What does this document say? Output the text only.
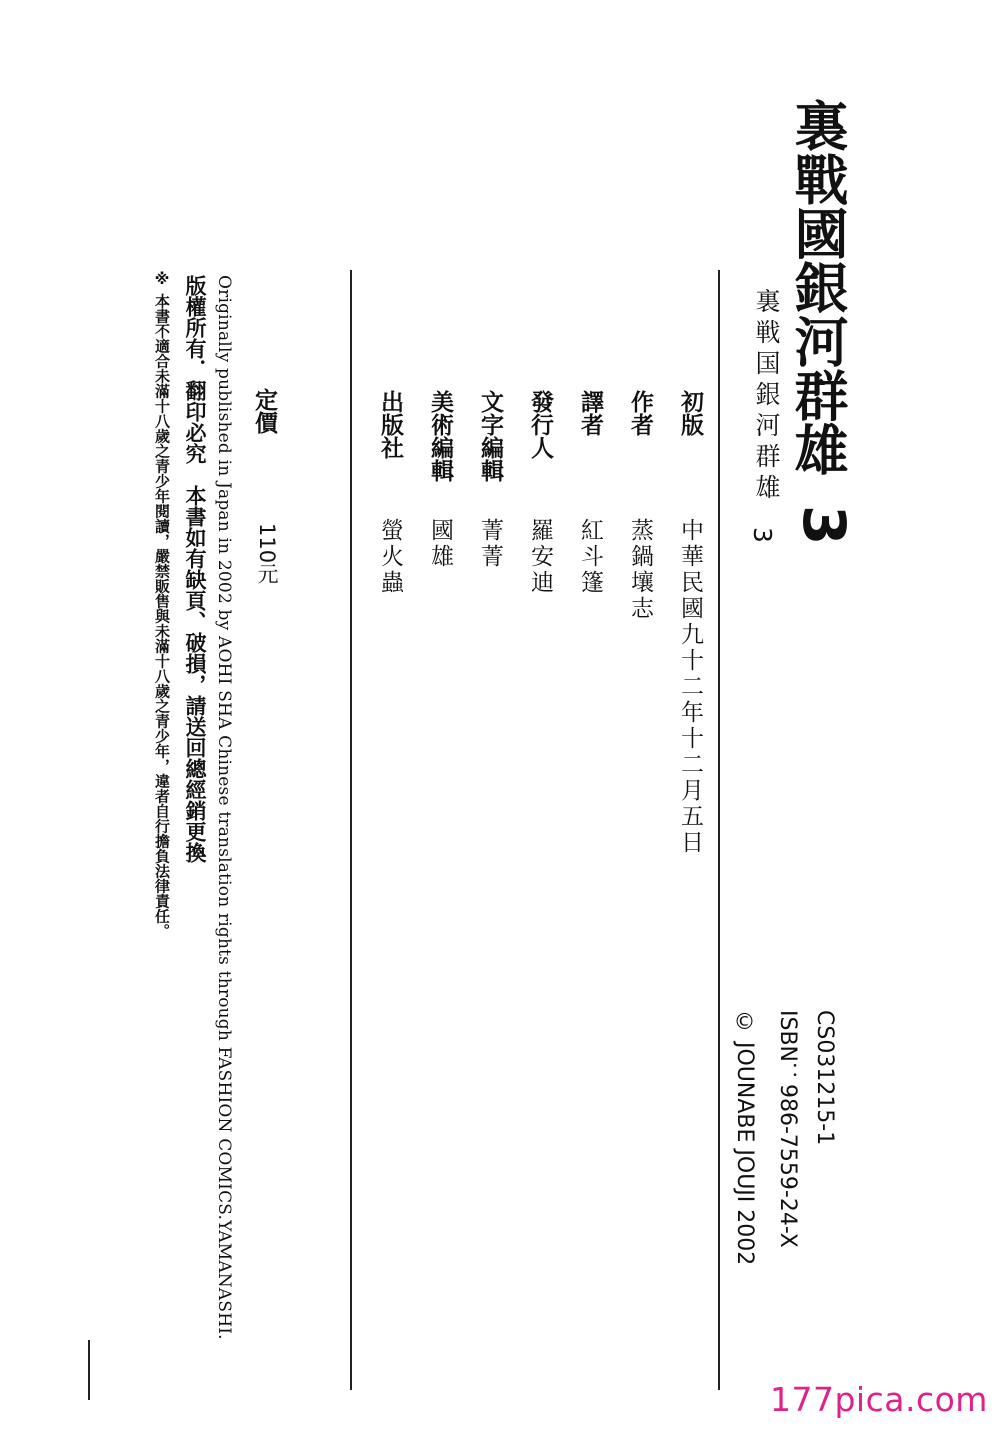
裏戰國銀河群雄
3
裏戦国銀河群雄
3
初版
中華民國九十二年十二月五日
作者
蒸鍋壤志
譯者
紅斗篷
發行人
羅安迪
文字編輯
菁菁
美術編輯
國雄
出版社
螢火蟲
CS031215-1
ISBN：986-7559-24-X
© JOUNABE JOUJI 2002
定價
110元
Originally published in Japan in 2002 by AOHI SHA Chinese translation rights through FASHION COMICS.YAMANASHI.
版權所有．翻印必究　本書如有缺頁、破損，請送回總經銷更換
※ 本書不適合未滿十八歲之青少年閱讀，嚴禁販售與未滿十八歲之青少年，違者自行擔負法律責任。
177pica.com
